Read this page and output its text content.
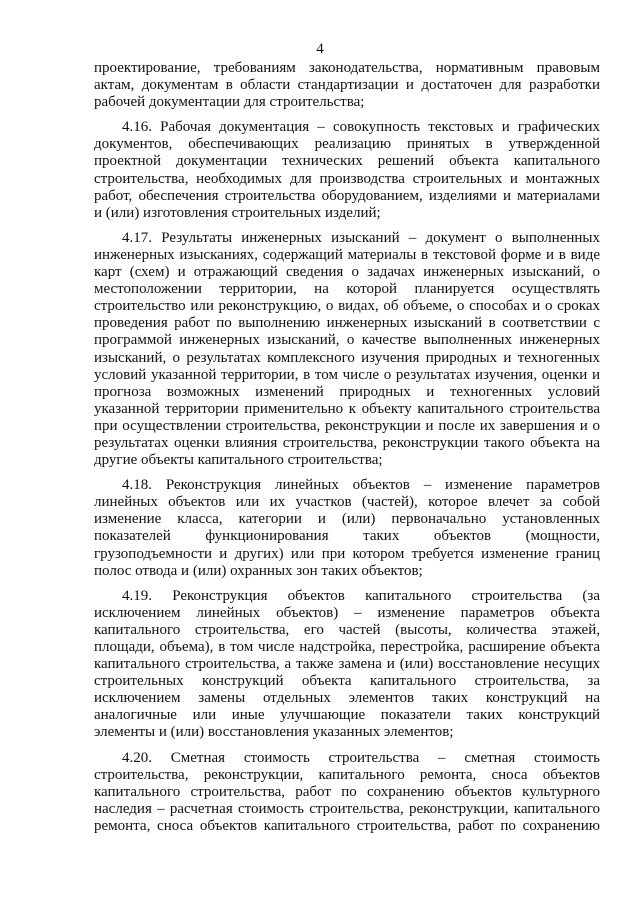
4
проектирование, требованиям законодательства, нормативным правовым
актам, документам в области стандартизации и достаточен для разработки
рабочей документации для строительства;
4.16. Рабочая документация – совокупность текстовых и графических
документов, обеспечивающих реализацию принятых в утвержденной
проектной документации технических решений объекта капитального
строительства, необходимых для производства строительных и монтажных
работ, обеспечения строительства оборудованием, изделиями и материалами
и (или) изготовления строительных изделий;
4.17. Результаты инженерных изысканий – документ о выполненных
инженерных изысканиях, содержащий материалы в текстовой форме и в виде
карт (схем) и отражающий сведения о задачах инженерных изысканий, о
местоположении территории, на которой планируется осуществлять
строительство или реконструкцию, о видах, об объеме, о способах и о сроках
проведения работ по выполнению инженерных изысканий в соответствии с
программой инженерных изысканий, о качестве выполненных инженерных
изысканий, о результатах комплексного изучения природных и техногенных
условий указанной территории, в том числе о результатах изучения, оценки и
прогноза возможных изменений природных и техногенных условий
указанной территории применительно к объекту капитального строительства
при осуществлении строительства, реконструкции и после их завершения и о
результатах оценки влияния строительства, реконструкции такого объекта на
другие объекты капитального строительства;
4.18. Реконструкция линейных объектов – изменение параметров
линейных объектов или их участков (частей), которое влечет за собой
изменение класса, категории и (или) первоначально установленных
показателей функционирования таких объектов (мощности,
грузоподъемности и других) или при котором требуется изменение границ
полос отвода и (или) охранных зон таких объектов;
4.19. Реконструкция объектов капитального строительства (за
исключением линейных объектов) – изменение параметров объекта
капитального строительства, его частей (высоты, количества этажей,
площади, объема), в том числе надстройка, перестройка, расширение объекта
капитального строительства, а также замена и (или) восстановление несущих
строительных конструкций объекта капитального строительства, за
исключением замены отдельных элементов таких конструкций на
аналогичные или иные улучшающие показатели таких конструкций
элементы и (или) восстановления указанных элементов;
4.20. Сметная стоимость строительства – сметная стоимость
строительства, реконструкции, капитального ремонта, сноса объектов
капитального строительства, работ по сохранению объектов культурного
наследия – расчетная стоимость строительства, реконструкции, капитального
ремонта, сноса объектов капитального строительства, работ по сохранению
